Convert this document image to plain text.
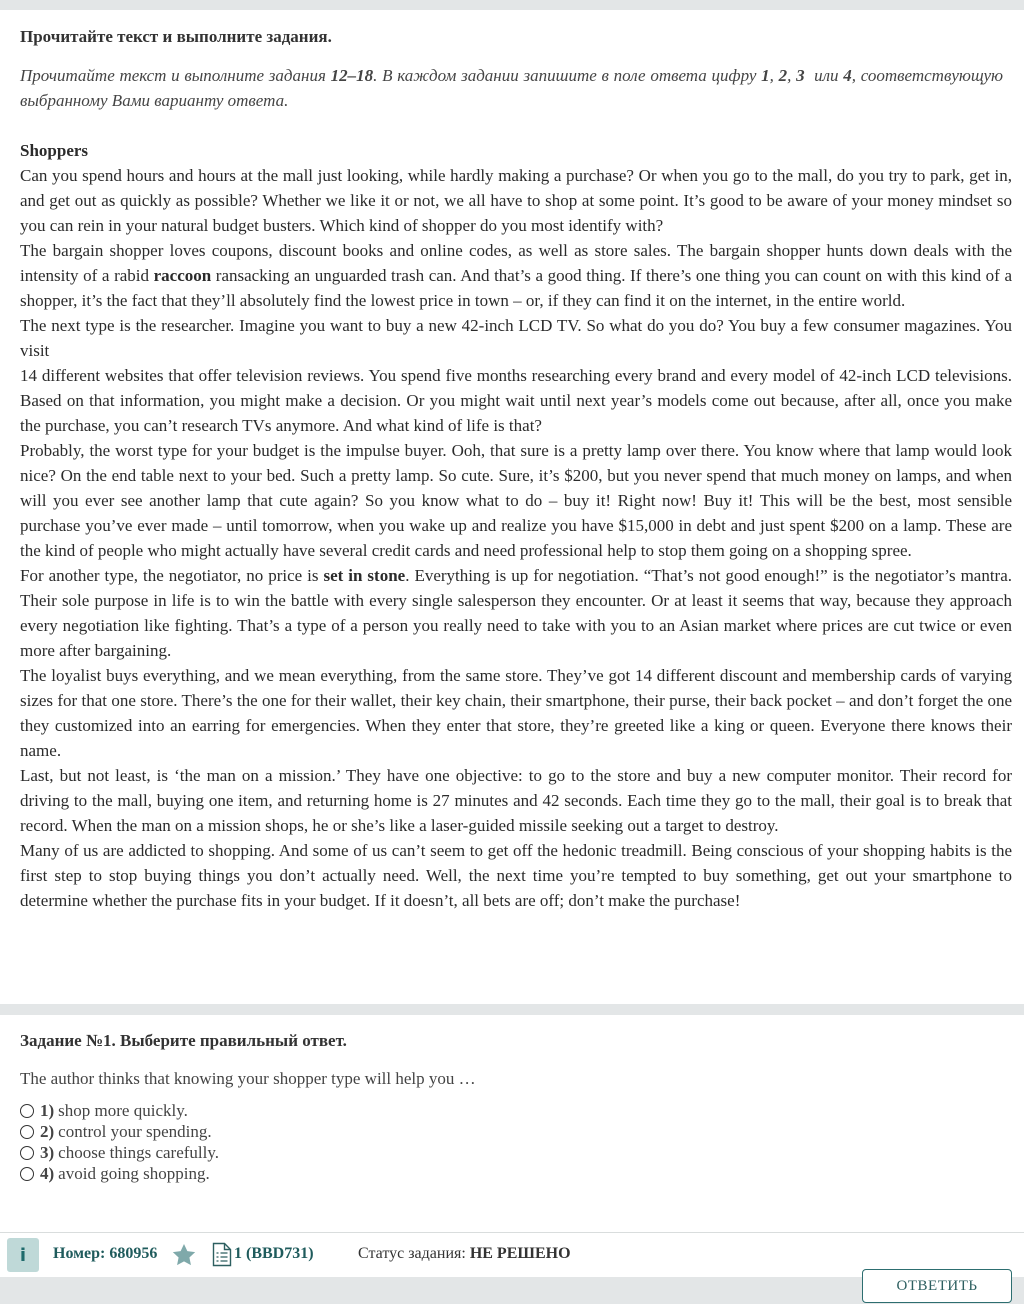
Прочитайте текст и выполните задания.
Прочитайте текст и выполните задания 12–18. В каждом задании запишите в поле ответа цифру 1, 2, 3  или 4, соответствующую выбранному Вами варианту ответа.

Shoppers

Can you spend hours and hours at the mall just looking, while hardly making a purchase? Or when you go to the mall, do you try to park, get in, and get out as quickly as possible? Whether we like it or not, we all have to shop at some point. It’s good to be aware of your money mindset so you can rein in your natural budget busters. Which kind of shopper do you most identify with?

The bargain shopper loves coupons, discount books and online codes, as well as store sales. The bargain shopper hunts down deals with the intensity of a rabid raccoon ransacking an unguarded trash can. And that’s a good thing. If there’s one thing you can count on with this kind of a shopper, it’s the fact that they’ll absolutely find the lowest price in town – or, if they can find it on the internet, in the entire world.

The next type is the researcher. Imagine you want to buy a new 42-inch LCD TV. So what do you do? You buy a few consumer magazines. You visit

14 different websites that offer television reviews. You spend five months researching every brand and every model of 42-inch LCD televisions. Based on that information, you might make a decision. Or you might wait until next year’s models come out because, after all, once you make the purchase, you can’t research TVs anymore. And what kind of life is that?

Probably, the worst type for your budget is the impulse buyer. Ooh, that sure is a pretty lamp over there. You know where that lamp would look nice? On the end table next to your bed. Such a pretty lamp. So cute. Sure, it’s $200, but you never spend that much money on lamps, and when will you ever see another lamp that cute again? So you know what to do – buy it! Right now! Buy it! This will be the best, most sensible purchase you’ve ever made – until tomorrow, when you wake up and realize you have $15,000 in debt and just spent $200 on a lamp. These are the kind of people who might actually have several credit cards and need professional help to stop them going on a shopping spree.

For another type, the negotiator, no price is set in stone. Everything is up for negotiation. “That’s not good enough!” is the negotiator’s mantra. Their sole purpose in life is to win the battle with every single salesperson they encounter. Or at least it seems that way, because they approach every negotiation like fighting. That’s a type of a person you really need to take with you to an Asian market where prices are cut twice or even more after bargaining.

The loyalist buys everything, and we mean everything, from the same store. They’ve got 14 different discount and membership cards of varying sizes for that one store. There’s the one for their wallet, their key chain, their smartphone, their purse, their back pocket – and don’t forget the one they customized into an earring for emergencies. When they enter that store, they’re greeted like a king or queen. Everyone there knows their name.

Last, but not least, is ‘the man on a mission.’ They have one objective: to go to the store and buy a new computer monitor. Their record for driving to the mall, buying one item, and returning home is 27 minutes and 42 seconds. Each time they go to the mall, their goal is to break that record. When the man on a mission shops, he or she’s like a laser-guided missile seeking out a target to destroy.

Many of us are addicted to shopping. And some of us can’t seem to get off the hedonic treadmill. Being conscious of your shopping habits is the first step to stop buying things you don’t actually need. Well, the next time you’re tempted to buy something, get out your smartphone to determine whether the purchase fits in your budget. If it doesn’t, all bets are off; don’t make the purchase!

Задание №1. Выберите правильный ответ.
The author thinks that knowing your shopper type will help you …
1) shop more quickly.
2) control your spending.
3) choose things carefully.
4) avoid going shopping.
i	Номер: 680956	1 (BBD731)	Статус задания: НЕ РЕШЕНО
ОТВЕТИТЬ
